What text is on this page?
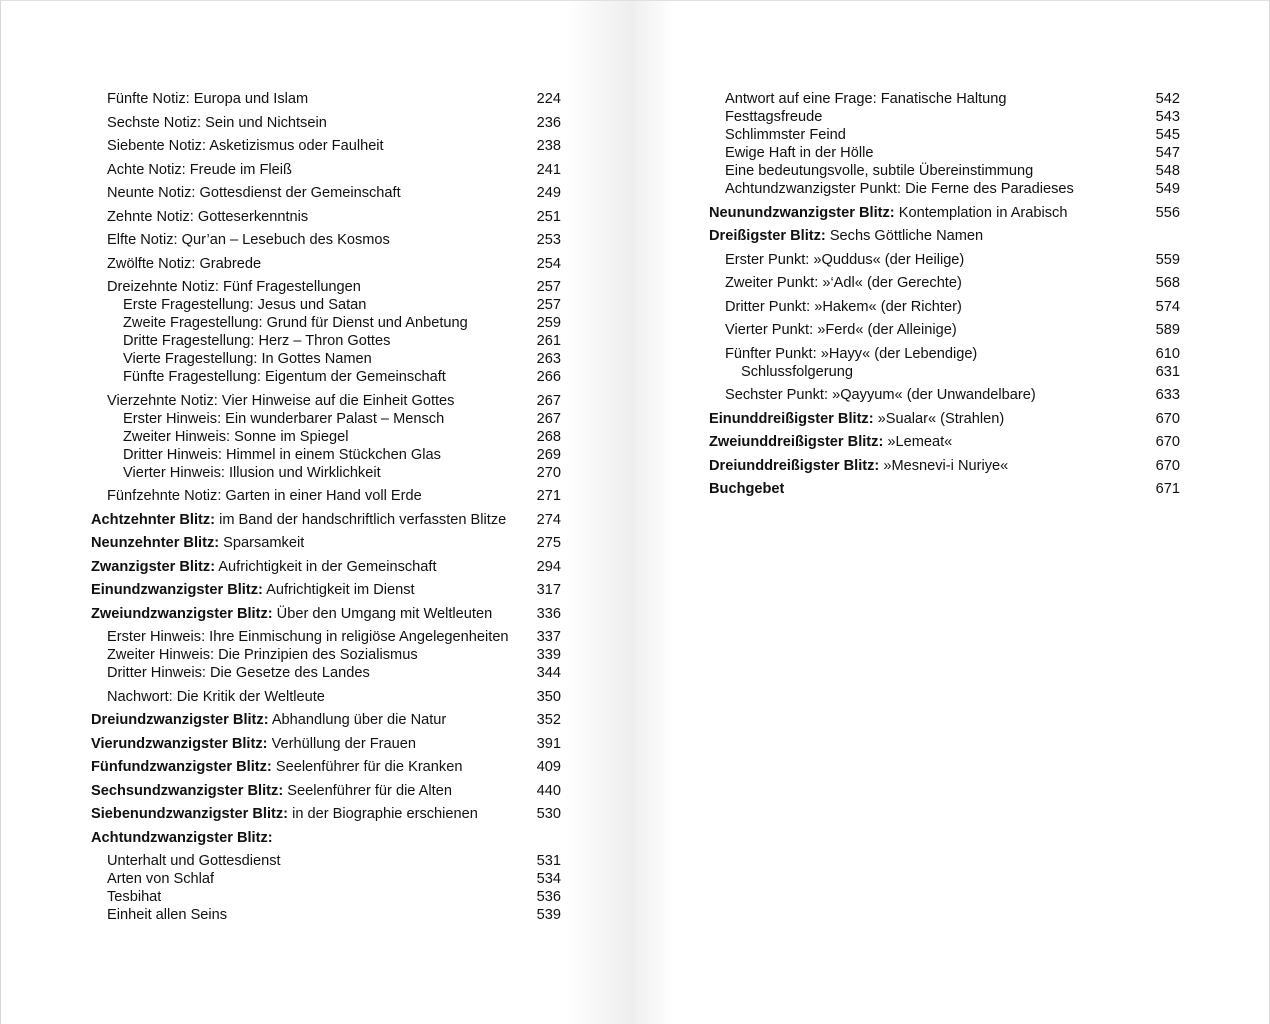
Fünfte Notiz: Europa und Islam	224
Sechste Notiz: Sein und Nichtsein	236
Siebente Notiz: Asketizismus oder Faulheit	238
Achte Notiz: Freude im Fleiß	241
Neunte Notiz: Gottesdienst der Gemeinschaft	249
Zehnte Notiz: Gotteserkenntnis	251
Elfte Notiz: Qur’an – Lesebuch des Kosmos	253
Zwölfte Notiz: Grabrede	254
Dreizehnte Notiz: Fünf Fragestellungen	257
Erste Fragestellung: Jesus und Satan	257
Zweite Fragestellung: Grund für Dienst und Anbetung	259
Dritte Fragestellung: Herz – Thron Gottes	261
Vierte Fragestellung: In Gottes Namen	263
Fünfte Fragestellung: Eigentum der Gemeinschaft	266
Vierzehnte Notiz: Vier Hinweise auf die Einheit Gottes	267
Erster Hinweis: Ein wunderbarer Palast – Mensch	267
Zweiter Hinweis: Sonne im Spiegel	268
Dritter Hinweis: Himmel in einem Stückchen Glas	269
Vierter Hinweis: Illusion und Wirklichkeit	270
Fünfzehnte Notiz: Garten in einer Hand voll Erde	271
Achtzehnter Blitz: im Band der handschriftlich verfassten Blitze	274
Neunzehnter Blitz: Sparsamkeit	275
Zwanzigster Blitz: Aufrichtigkeit in der Gemeinschaft	294
Einundzwanzigster Blitz: Aufrichtigkeit im Dienst	317
Zweiundzwanzigster Blitz: Über den Umgang mit Weltleuten	336
Erster Hinweis: Ihre Einmischung in religiöse Angelegenheiten	337
Zweiter Hinweis: Die Prinzipien des Sozialismus	339
Dritter Hinweis: Die Gesetze des Landes	344
Nachwort: Die Kritik der Weltleute	350
Dreiundzwanzigster Blitz: Abhandlung über die Natur	352
Vierundzwanzigster Blitz: Verhüllung der Frauen	391
Fünfundzwanzigster Blitz: Seelenführer für die Kranken	409
Sechsundzwanzigster Blitz: Seelenführer für die Alten	440
Siebenundzwanzigster Blitz: in der Biographie erschienen	530
Achtundzwanzigster Blitz:
Unterhalt und Gottesdienst	531
Arten von Schlaf	534
Tesbihat	536
Einheit allen Seins	539
Antwort auf eine Frage: Fanatische Haltung	542
Festtagsfreude	543
Schlimmster Feind	545
Ewige Haft in der Hölle	547
Eine bedeutungsvolle, subtile Übereinstimmung	548
Achtundzwanzigster Punkt: Die Ferne des Paradieses	549
Neunundzwanzigster Blitz: Kontemplation in Arabisch	556
Dreißigster Blitz: Sechs Göttliche Namen
Erster Punkt: »Quddus« (der Heilige)	559
Zweiter Punkt: »‘Adl« (der Gerechte)	568
Dritter Punkt: »Hakem« (der Richter)	574
Vierter Punkt: »Ferd« (der Alleinige)	589
Fünfter Punkt: »Hayy« (der Lebendige)	610
Schlussfolgerung	631
Sechster Punkt: »Qayyum« (der Unwandelbare)	633
Einunddreißigster Blitz: »Sualar« (Strahlen)	670
Zweiunddreißigster Blitz: »Lemeat«	670
Dreiunddreißigster Blitz: »Mesnevi-i Nuriye«	670
Buchgebet	671
